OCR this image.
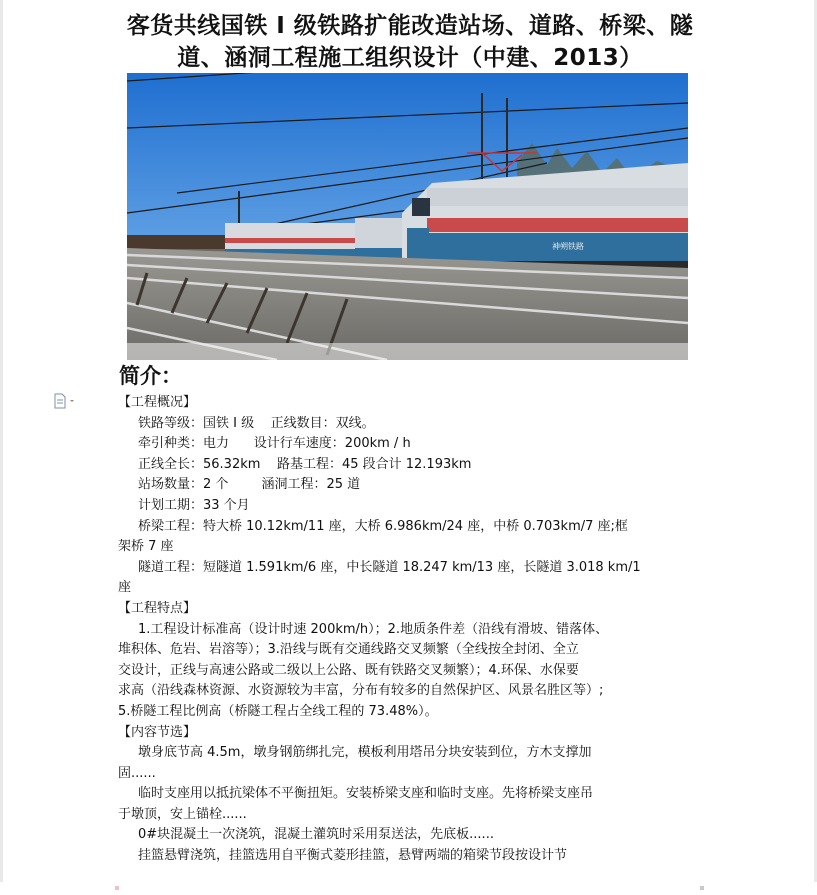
客货共线国铁 I 级铁路扩能改造站场、道路、桥梁、隧
道、涵洞工程施工组织设计（中建、2013）
神朔铁路
简介：

【工程概况】

铁路等级：国铁 I 级    正线数目：双线。

牵引种类：电力      设计行车速度：200km / h

正线全长：56.32km    路基工程：45 段合计 12.193km

站场数量：2 个        涵洞工程：25 道

计划工期：33 个月

桥梁工程：特大桥 10.12km/11 座，大桥 6.986km/24 座，中桥 0.703km/7 座;框

架桥 7 座

隧道工程：短隧道 1.591km/6 座，中长隧道 18.247 km/13 座，长隧道 3.018 km/1

座

【工程特点】

1.工程设计标准高（设计时速 200km/h）；2.地质条件差（沿线有滑坡、错落体、

堆积体、危岩、岩溶等）；3.沿线与既有交通线路交叉频繁（全线按全封闭、全立

交设计，正线与高速公路或二级以上公路、既有铁路交叉频繁）；4.环保、水保要

求高（沿线森林资源、水资源较为丰富，分布有较多的自然保护区、风景名胜区等）;

5.桥隧工程比例高（桥隧工程占全线工程的 73.48%）。

【内容节选】

墩身底节高 4.5m，墩身钢筋绑扎完，模板利用塔吊分块安装到位，方木支撑加

固......

临时支座用以抵抗梁体不平衡扭矩。安装桥梁支座和临时支座。先将桥梁支座吊

于墩顶，安上锚栓......

0#块混凝土一次浇筑，混凝土灌筑时采用泵送法，先底板......

挂篮悬臂浇筑，挂篮选用自平衡式菱形挂篮，悬臂两端的箱梁节段按设计节
